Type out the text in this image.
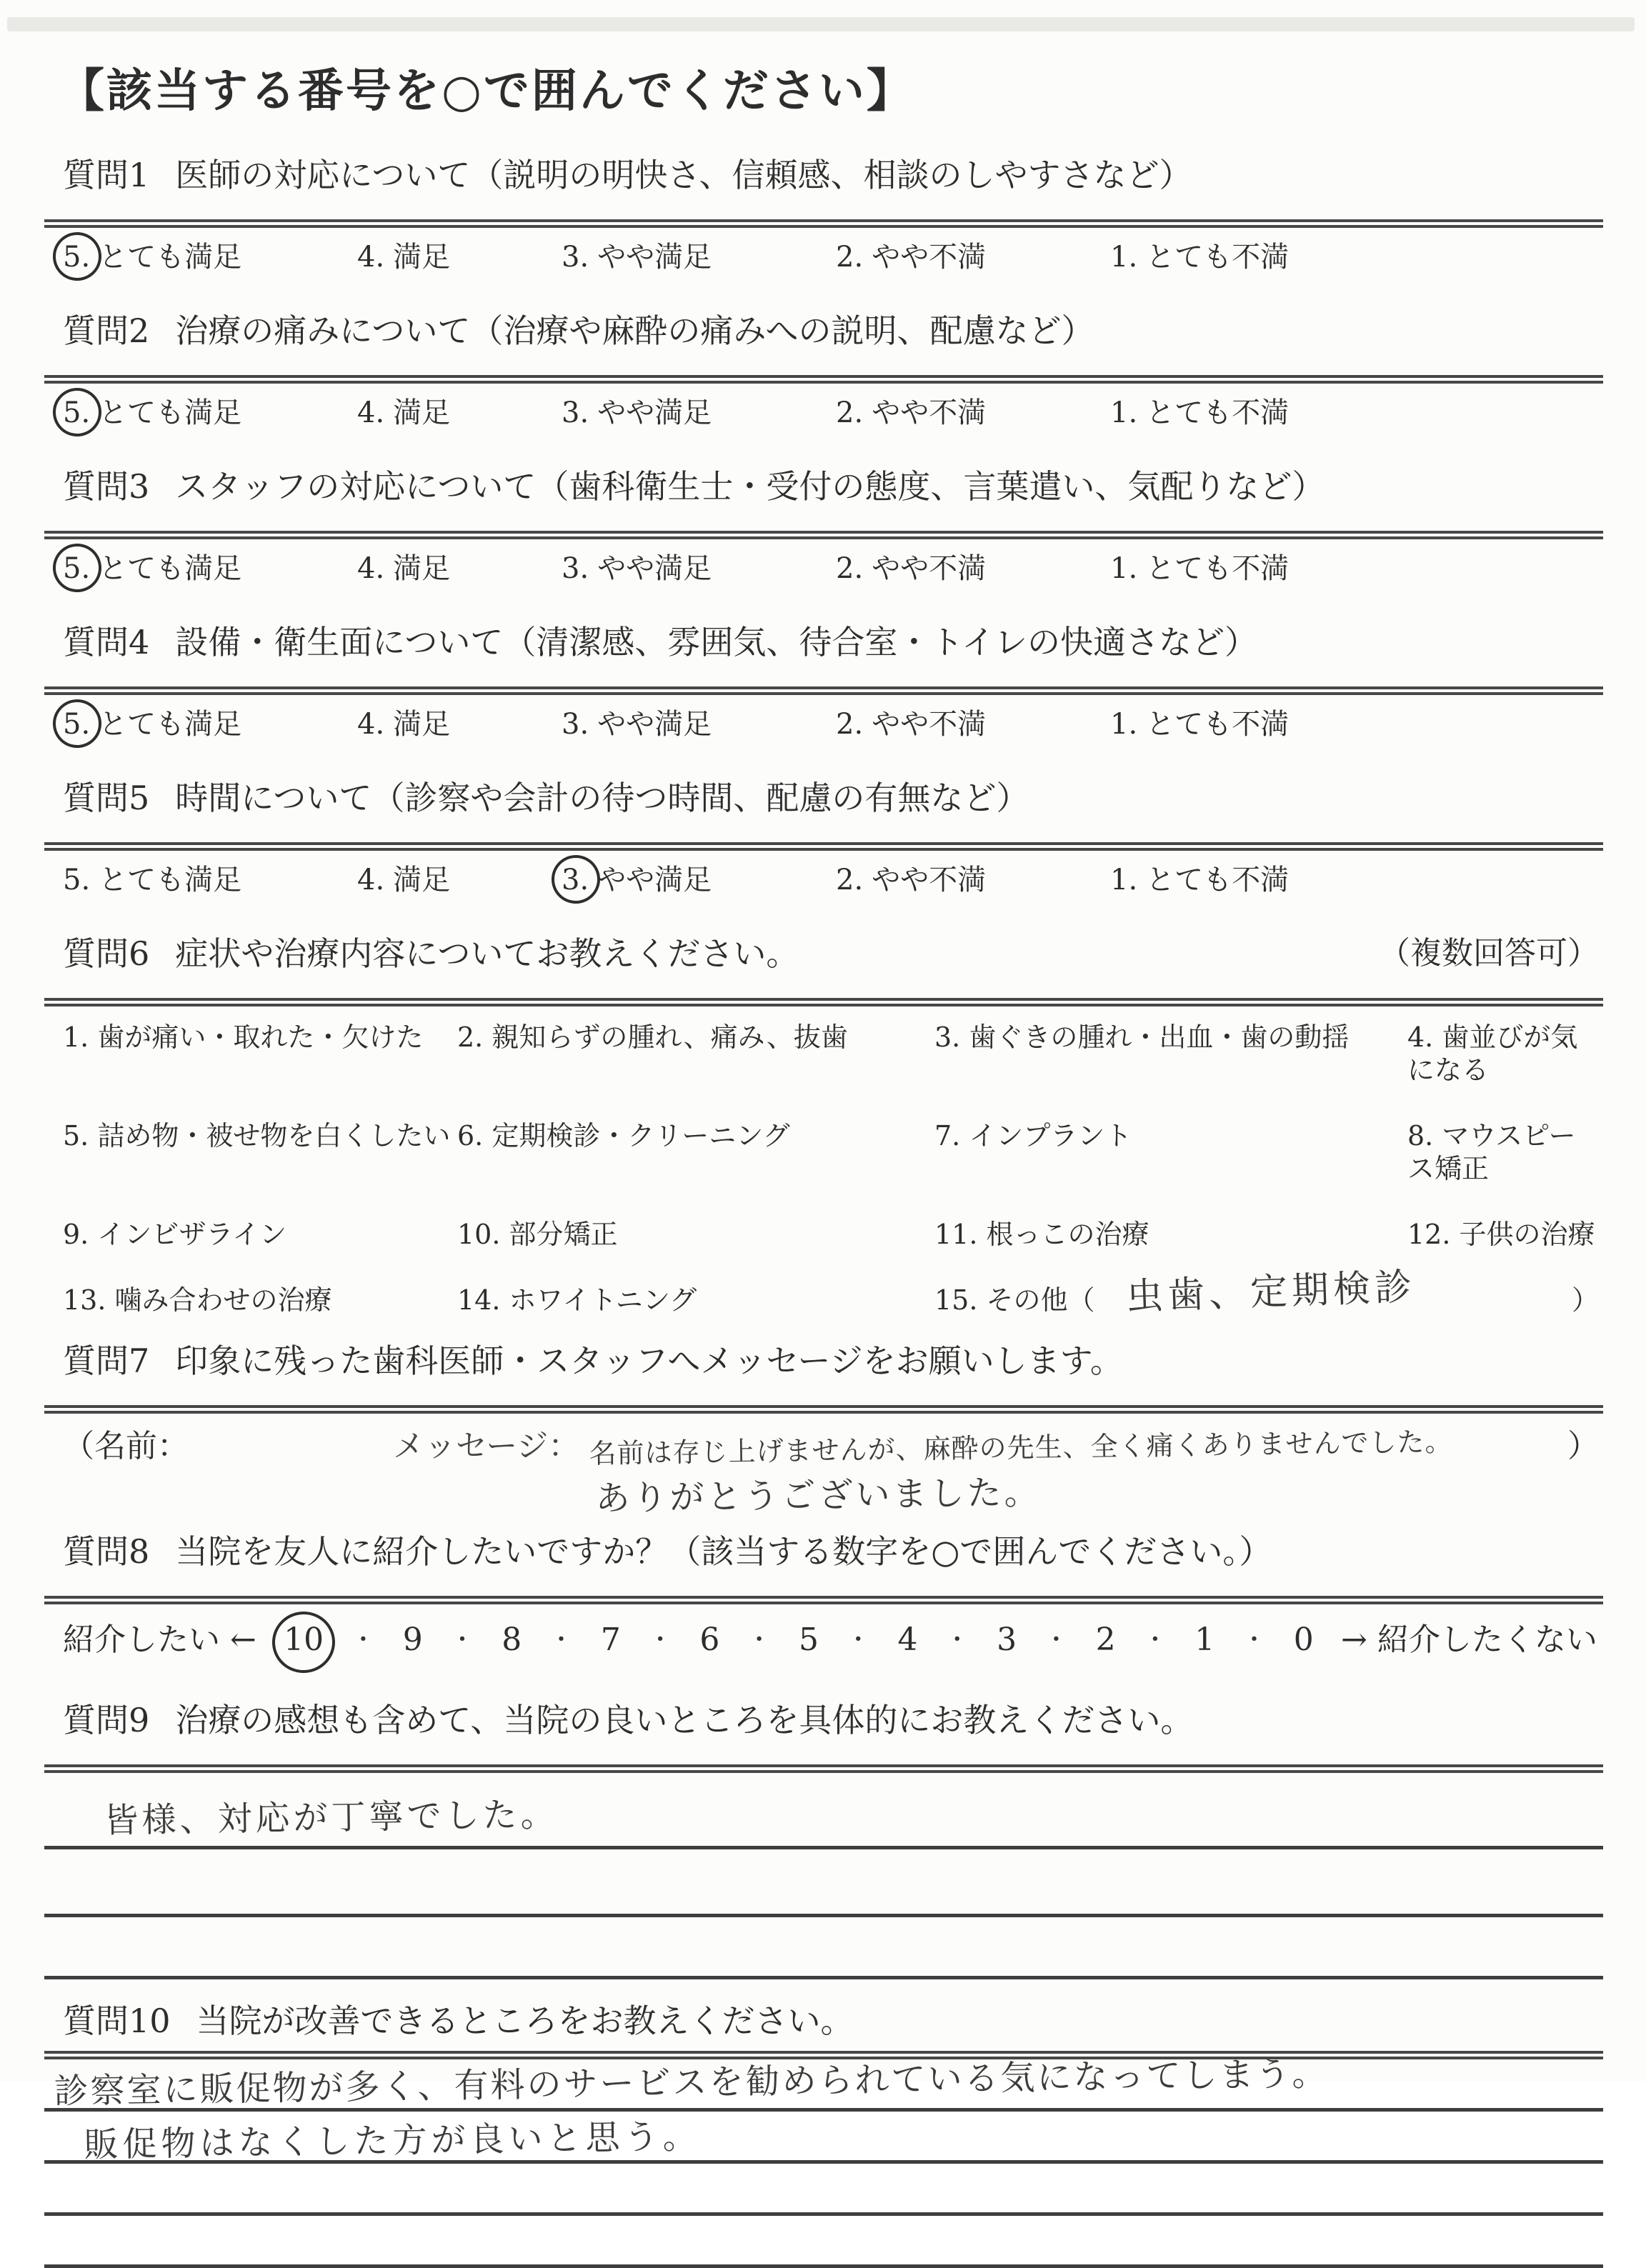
【該当する番号を○で囲んでください】
質問1 医師の対応について（説明の明快さ、信頼感、相談のしやすさなど）
5. とても満足	4. 満足	3. やや満足	2. やや不満	1. とても不満
質問2 治療の痛みについて（治療や麻酔の痛みへの説明、配慮など）
5. とても満足	4. 満足	3. やや満足	2. やや不満	1. とても不満
質問3 スタッフの対応について（歯科衛生士・受付の態度、言葉遣い、気配りなど）
5. とても満足	4. 満足	3. やや満足	2. やや不満	1. とても不満
質問4 設備・衛生面について（清潔感、雰囲気、待合室・トイレの快適さなど）
5. とても満足	4. 満足	3. やや満足	2. やや不満	1. とても不満
質問5 時間について（診察や会計の待つ時間、配慮の有無など）
5. とても満足	4. 満足	3. やや満足	2. やや不満	1. とても不満
質問6 症状や治療内容についてお教えください。	（複数回答可）
1. 歯が痛い・取れた・欠けた	2. 親知らずの腫れ、痛み、抜歯	3. 歯ぐきの腫れ・出血・歯の動揺	4. 歯並びが気になる
5. 詰め物・被せ物を白くしたい 6. 定期検診・クリーニング	7. インプラント	8. マウスピース矯正
9. インビザライン	10. 部分矯正	11. 根っこの治療	12. 子供の治療
13. 噛み合わせの治療	14. ホワイトニング	15. その他（ 虫歯、定期検診	）
質問7 印象に残った歯科医師・スタッフへメッセージをお願いします。
（名前：	メッセージ： 名前は存じ上げませんが、麻酔の先生、全く痛くありませんでした。	）
ありがとうございました。
質問8 当院を友人に紹介したいですか？（該当する数字を○で囲んでください。）
紹介したい ← 10 ・ 9 ・ 8 ・ 7 ・ 6 ・ 5 ・ 4 ・ 3 ・ 2 ・ 1 ・ 0 → 紹介したくない
質問9 治療の感想も含めて、当院の良いところを具体的にお教えください。
皆様、対応が丁寧でした。
質問10 当院が改善できるところをお教えください。
診察室に販促物が多く、有料のサービスを勧められている気になってしまう。
販促物はなくした方が良いと思う。
